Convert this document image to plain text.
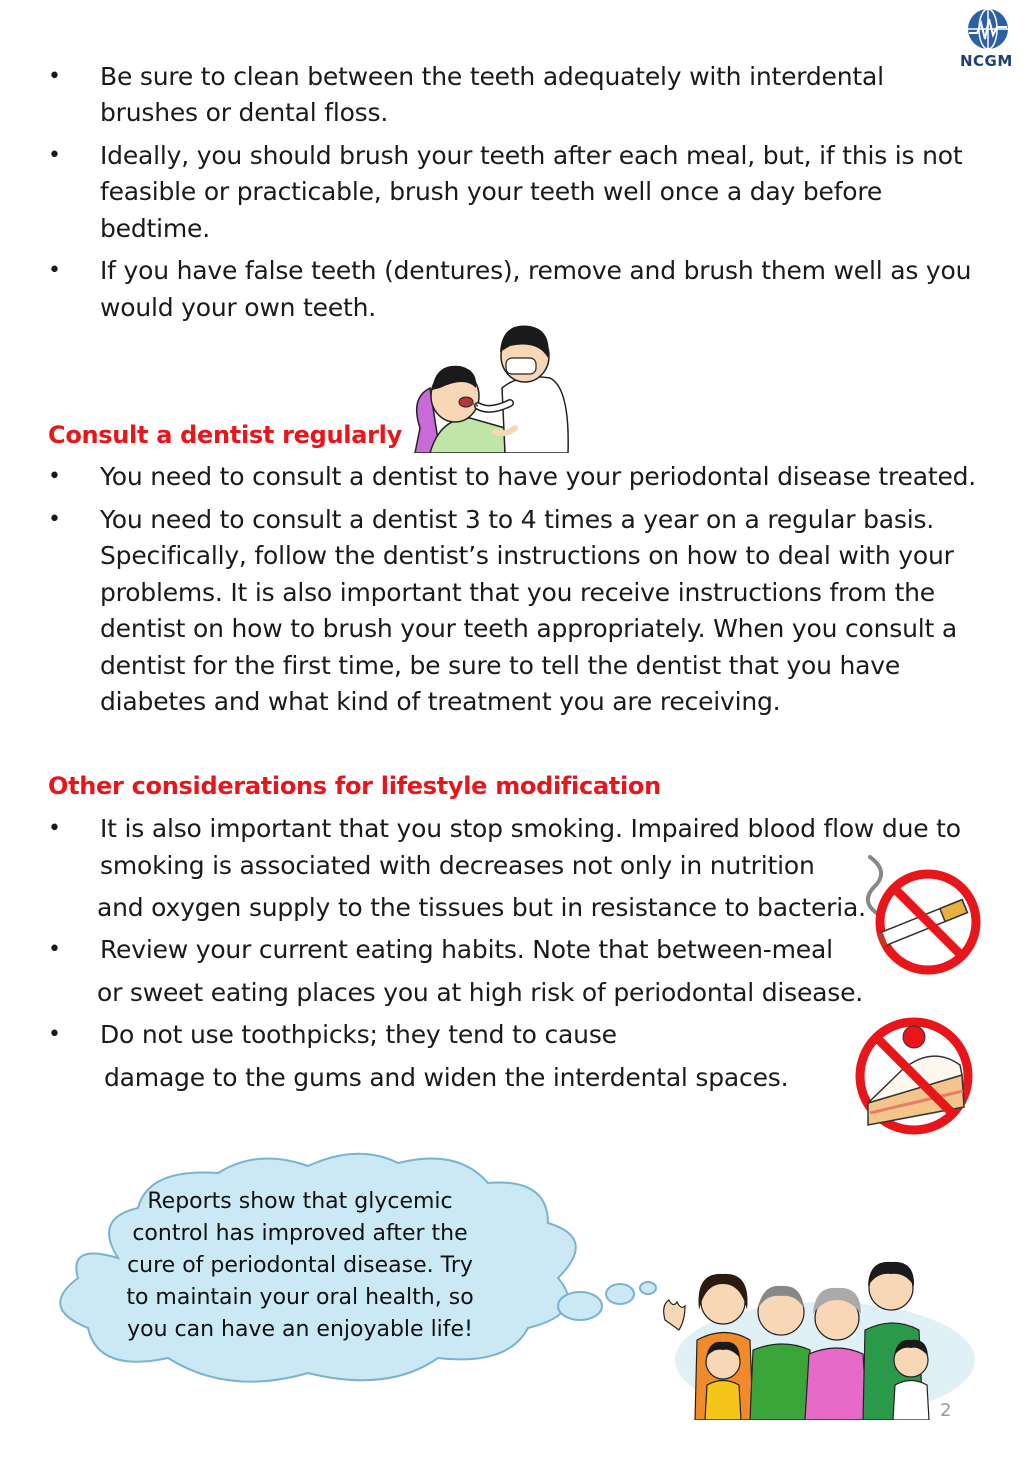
NCGM
• Be sure to clean between the teeth adequately with interdental
brushes or dental floss.
• Ideally, you should brush your teeth after each meal, but, if this is not
feasible or practicable, brush your teeth well once a day before
bedtime.
• If you have false teeth (dentures), remove and brush them well as you
would your own teeth.
Consult a dentist regularly
• You need to consult a dentist to have your periodontal disease treated.
• You need to consult a dentist 3 to 4 times a year on a regular basis.
Specifically, follow the dentist’s instructions on how to deal with your
problems. It is also important that you receive instructions from the
dentist on how to brush your teeth appropriately. When you consult a
dentist for the first time, be sure to tell the dentist that you have
diabetes and what kind of treatment you are receiving.
Other considerations for lifestyle modification
• It is also important that you stop smoking. Impaired blood flow due to
smoking is associated with decreases not only in nutrition
and oxygen supply to the tissues but in resistance to bacteria.
• Review your current eating habits. Note that between-meal
or sweet eating places you at high risk of periodontal disease.
• Do not use toothpicks; they tend to cause
damage to the gums and widen the interdental spaces.
Reports show that glycemic
control has improved after the
cure of periodontal disease. Try
to maintain your oral health, so
you can have an enjoyable life!
2
